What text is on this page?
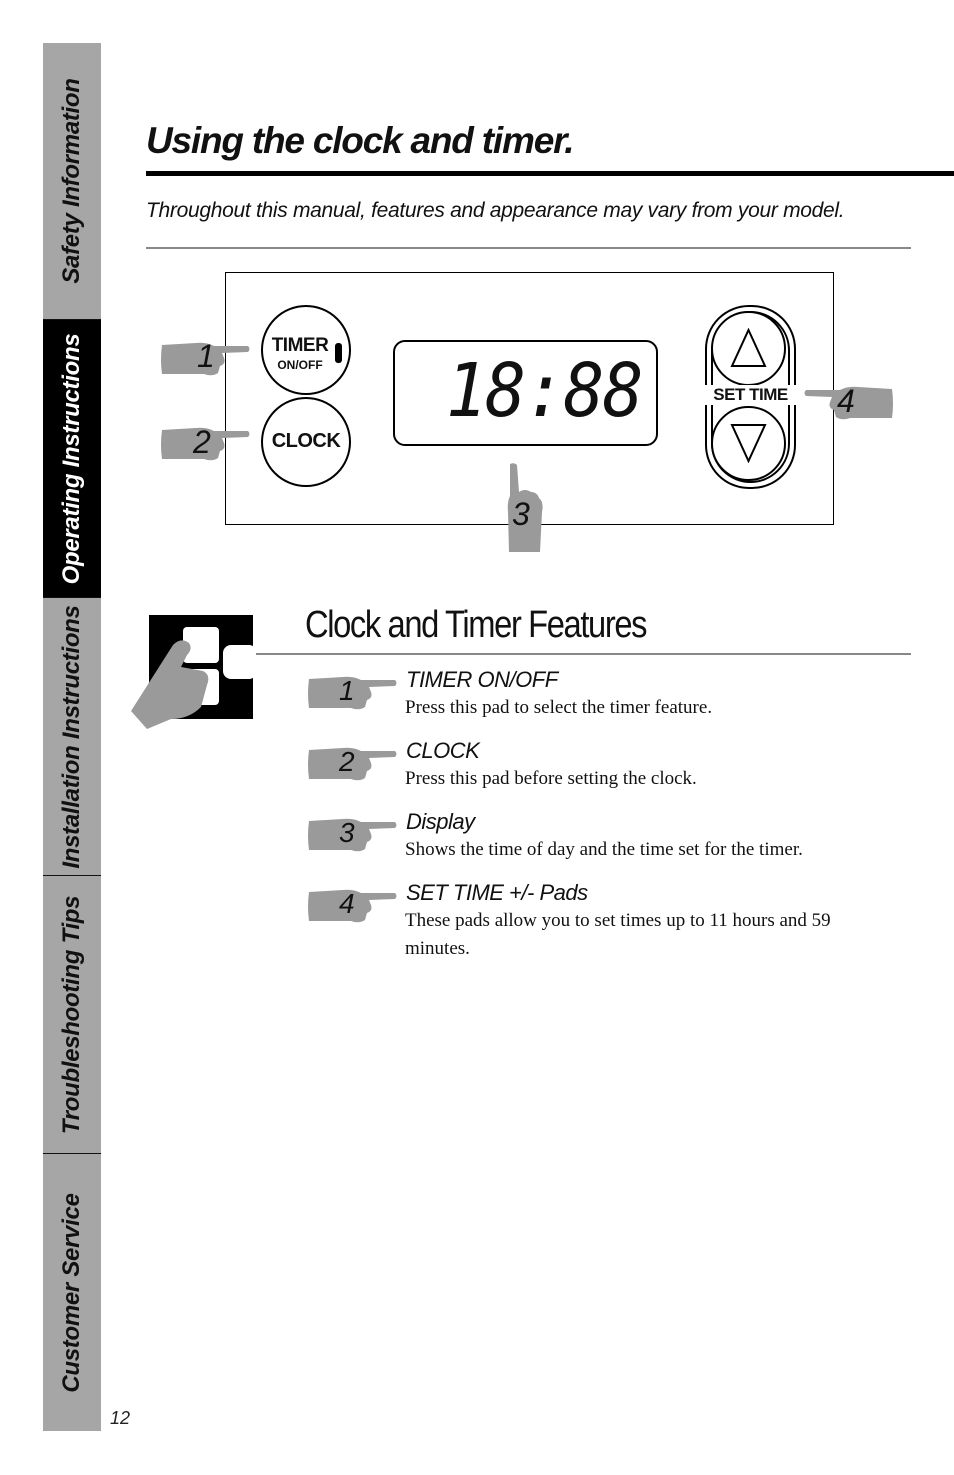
Safety Information
Operating Instructions
Installation Instructions
Troubleshooting Tips
Customer Service
12
Using the clock and timer.
Throughout this manual, features and appearance may vary from your model.
TIMER
ON/OFF
CLOCK
18:88	SET TIME
1
2
3
4
Clock and Timer Features
1 TIMER ON/OFF
Press this pad to select the timer feature.
2 CLOCK
Press this pad before setting the clock.
3 Display
Shows the time of day and the time set for the timer.
4 SET TIME +/- Pads
These pads allow you to set times up to 11 hours and 59 minutes.
